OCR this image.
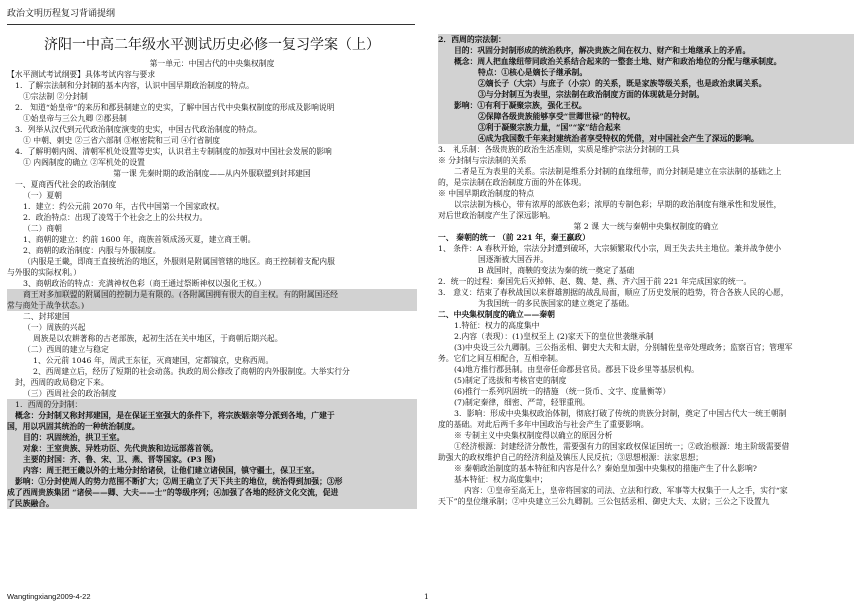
政治文明历程复习背诵提纲
济阳一中高二年级水平测试历史必修一复习学案（上）
第一单元：中国古代的中央集权制度
【水平测试考试纲要】具体考试内容与要求
1．了解宗法制和分封制的基本内容，认识中国早期政治制度的特点。
①宗法制 ②分封制
2． 知道“始皇帝”的来历和郡县制建立的史实，了解中国古代中央集权制度的形成及影响说明
①始皇帝与三公九卿 ②郡县制
3．列举从汉代到元代政治制度演变的史实，中国古代政治制度的特点。
① 中朝、刺史 ②三省六部制 ③枢密院和三司 ④行省制度
4．了解明朝内阁、清朝军机处设置等史实，认识君主专制制度的加强对中国社会发展的影响
① 内阁制度的确立 ②军机处的设置
第一课 先秦时期的政治制度——从内外服联盟到封邦建国
一、夏商西代社会的政治制度
（一）夏朝
1．建立：约公元前 2070 年，古代中国第一个国家政权。
2．政治特点：出现了凌驾于个社会之上的公共权力。
（二）商朝
1、商朝的建立：约前 1600 年，商族首领成汤灭夏，建立商王朝。
2、商朝的政治制度：内服与外服制度。
（内服是王畿，即商王直接统治的地区，外服则是附属国管辖的地区。商王控制着支配内服
与外服的实际权利。）
3、商朝政治的特点：充满神权色彩（商王通过祭断神权以强化王权。）
商王对多加联盟的附属国的控制力是有限的。(各附属国拥有很大的自主权。有的附属国还经
常与商处于战争状态。)
二、封邦建国
（一）周族的兴起
周族是以农耕著称的古老部族，起初生活在关中地区，于商朝后期兴起。
（二）西周的建立与稳定
1、公元前 1046 年，周武王东征，灭商建国，定都镐京，史称西周。
2、西周建立后，经历了短期的社会动荡。执政的周公修改了商朝的内外服制度。大举实行分
封，西周的政局稳定下来。
（三）西周社会的政治制度
1．西周的分封制：
概念：分封制又称封邦建国，是在保证王室强大的条件下，将宗族姻亲等分派到各地，广建于
国，用以巩固其统治的一种统治制度。
目的：巩固统治，拱卫王室。
对象：王室贵族、异姓功臣、先代贵族和边远部落首领。
主要的封国：齐、鲁、宋、卫、燕、晋等国家。(P3 图)
内容：周王把王畿以外的土地分封给诸侯，让他们建立诸侯国，镇守疆土，保卫王室。
影响：①分封使周人的势力范围不断扩大；②周王确立了天下共主的地位，统治得到加强；③形
成了西周贵族集团 “诸侯——卿、大夫——士”的等级序列；④加强了各地的经济文化交流，促进
了民族融合。
2．西周的宗法制：
目的：巩固分封制形成的统治秩序，解决贵族之间在权力、财产和土地继承上的矛盾。
概念：周人把血缘纽带同政治关系结合起来的一整套土地、财产和政治地位的分配与继承制度。
特点：①核心是嫡长子继承制。
②嫡长子（大宗）与庶子（小宗）的关系，既是家族等级关系，也是政治隶属关系。
③与分封制互为表里，宗法制在政治制度方面的体现就是分封制。
影响：①有利于凝聚宗族，强化王权。
②保障各级贵族能够享受“世卿世禄”的特权。
③利于凝聚宗族力量，“国”“家”结合起来
④成为我国数千年来封建统治者享受特权的凭借，对中国社会产生了深远的影响。
3． 礼乐制：各级贵族的政治生活准则，实质是维护宗法分封制的工具
※ 分封制与宗法制的关系
二者是互为表里的关系。宗法制是维系分封制的血缘纽带，而分封制是建立在宗法制的基础之上
的，是宗法制在政治制度方面的外在体现。
※ 中国早期政治制度的特点
以宗法制为核心，带有浓厚的部族色彩；浓厚的专制色彩；早期的政治制度有继承性和发展性，
对后世政治制度产生了深远影响。
第 2 课 大一统与秦朝中央集权制度的确立
一、 秦朝的统一 （前 221 年，秦王嬴政）
1、 条件：A 春秋开始，宗法分封遭到破坏，大宗频繁取代小宗，周王失去共主地位。兼并战争使小
国逐渐被大国吞并。
B 战国时，商鞅的变法为秦的统一奠定了基础
2．统一的过程：秦国先后灭掉韩、赵、魏、楚、燕、齐六国于前 221 年完成国家的统一。
3． 意义：结束了春秋战国以来群雄割据的战乱局面，顺应了历史发展的趋势，符合各族人民的心愿，
为我国统一的多民族国家的建立奠定了基础。
二、中央集权制度的确立——秦朝
1.特征：权力的高度集中
2.内容（表现）：(1)皇权至上 (2)家天下的皇位世袭继承制
(3)中央设三公九卿制。三公指丞相、御史大夫和太尉，分别辅佐皇帝处理政务；监察百官；管理军
务。它们之间互相配合，互相牵制。
(4)地方推行郡县制。由皇帝任命郡县官员。郡县下设乡里等基层机构。
(5)制定了选拔和考核官吏的制度
(6)推行一系列巩固统一的措施 （统一货币、文字、度量衡等）
(7)制定秦律，细密、严苛，轻罪重刑。
3．影响：形成中央集权政治体制，彻底打破了传统的贵族分封制，奠定了中国古代大一统王朝制
度的基础。对此后两千多年中国政治与社会产生了重要影响。
※ 专制主义中央集权制度得以确立的原因分析
①经济根源：封建经济分散性，需要强有力的国家政权保证国统一；②政治根源：地主阶级需要借
助强大的政权维护自己的经济利益及镇压人民反抗；③思想根源：法家思想；
※ 秦朝政治制度的基本特征和内容是什么？秦始皇加强中央集权的措施产生了什么影响?
基本特征：权力高度集中；
内容：①皇帝至高无上，皇帝将国家的司法、立法和行政、军事等大权集于一人之手，实行“家
天下”的皇位继承制；②中央建立三公九卿制。三公包括丞相、御史大夫、太尉；三公之下设置九
Wangtingxiang2009-4-22	1
